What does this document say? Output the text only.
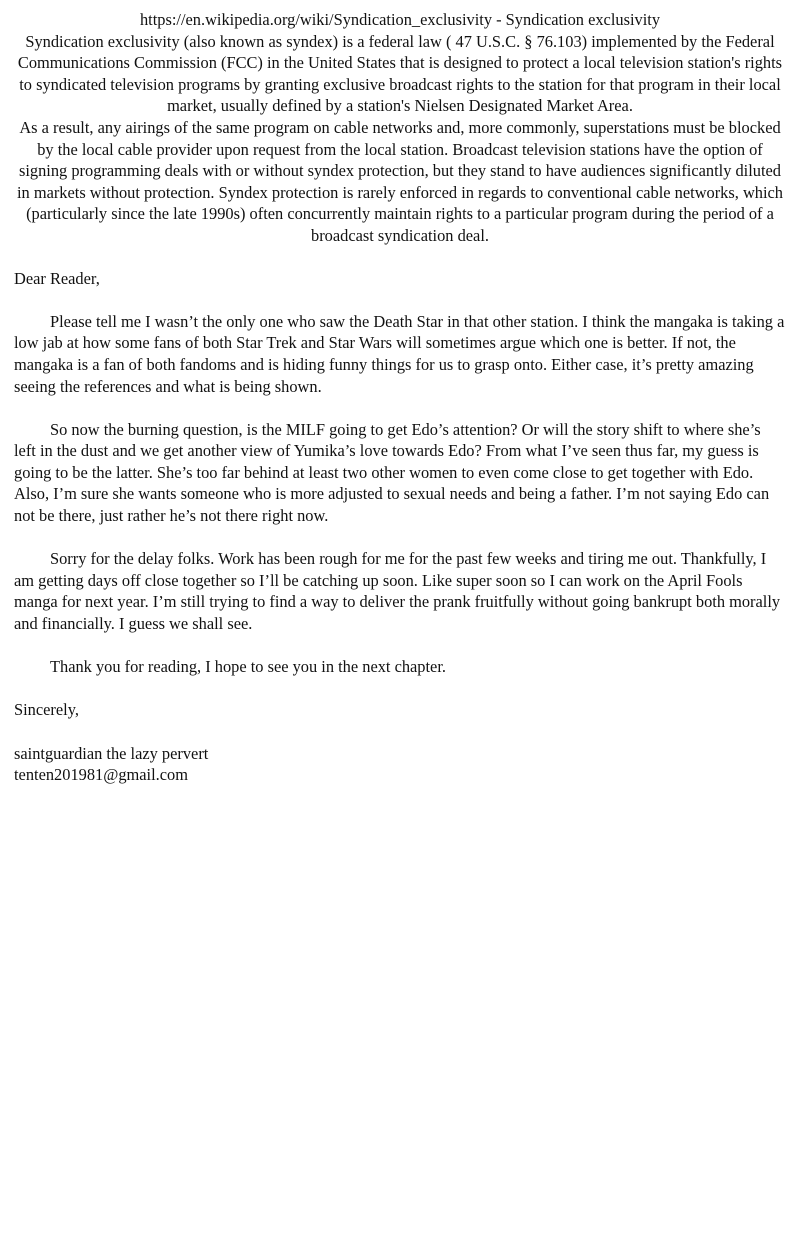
https://en.wikipedia.org/wiki/Syndication_exclusivity - Syndication exclusivity

Syndication exclusivity (also known as syndex) is a federal law ( 47 U.S.C. § 76.103) implemented by the Federal Communications Commission (FCC) in the United States that is designed to protect a local television station's rights to syndicated television programs by granting exclusive broadcast rights to the station for that program in their local market, usually defined by a station's Nielsen Designated Market Area.

As a result, any airings of the same program on cable networks and, more commonly, superstations must be blocked by the local cable provider upon request from the local station. Broadcast television stations have the option of signing programming deals with or without syndex protection, but they stand to have audiences significantly diluted in markets without protection. Syndex protection is rarely enforced in regards to conventional cable networks, which (particularly since the late 1990s) often concurrently maintain rights to a particular program during the period of a broadcast syndication deal.

Dear Reader,

Please tell me I wasn’t the only one who saw the Death Star in that other station. I think the mangaka is taking a low jab at how some fans of both Star Trek and Star Wars will sometimes argue which one is better. If not, the mangaka is a fan of both fandoms and is hiding funny things for us to grasp onto. Either case, it’s pretty amazing seeing the references and what is being shown.

So now the burning question, is the MILF going to get Edo’s attention? Or will the story shift to where she’s left in the dust and we get another view of Yumika’s love towards Edo? From what I’ve seen thus far, my guess is going to be the latter. She’s too far behind at least two other women to even come close to get together with Edo. Also, I’m sure she wants someone who is more adjusted to sexual needs and being a father. I’m not saying Edo can not be there, just rather he’s not there right now.

Sorry for the delay folks. Work has been rough for me for the past few weeks and tiring me out. Thankfully, I am getting days off close together so I’ll be catching up soon. Like super soon so I can work on the April Fools manga for next year. I’m still trying to find a way to deliver the prank fruitfully without going bankrupt both morally and financially. I guess we shall see.

Thank you for reading, I hope to see you in the next chapter.

Sincerely,

saintguardian the lazy pervert

tenten201981@gmail.com
